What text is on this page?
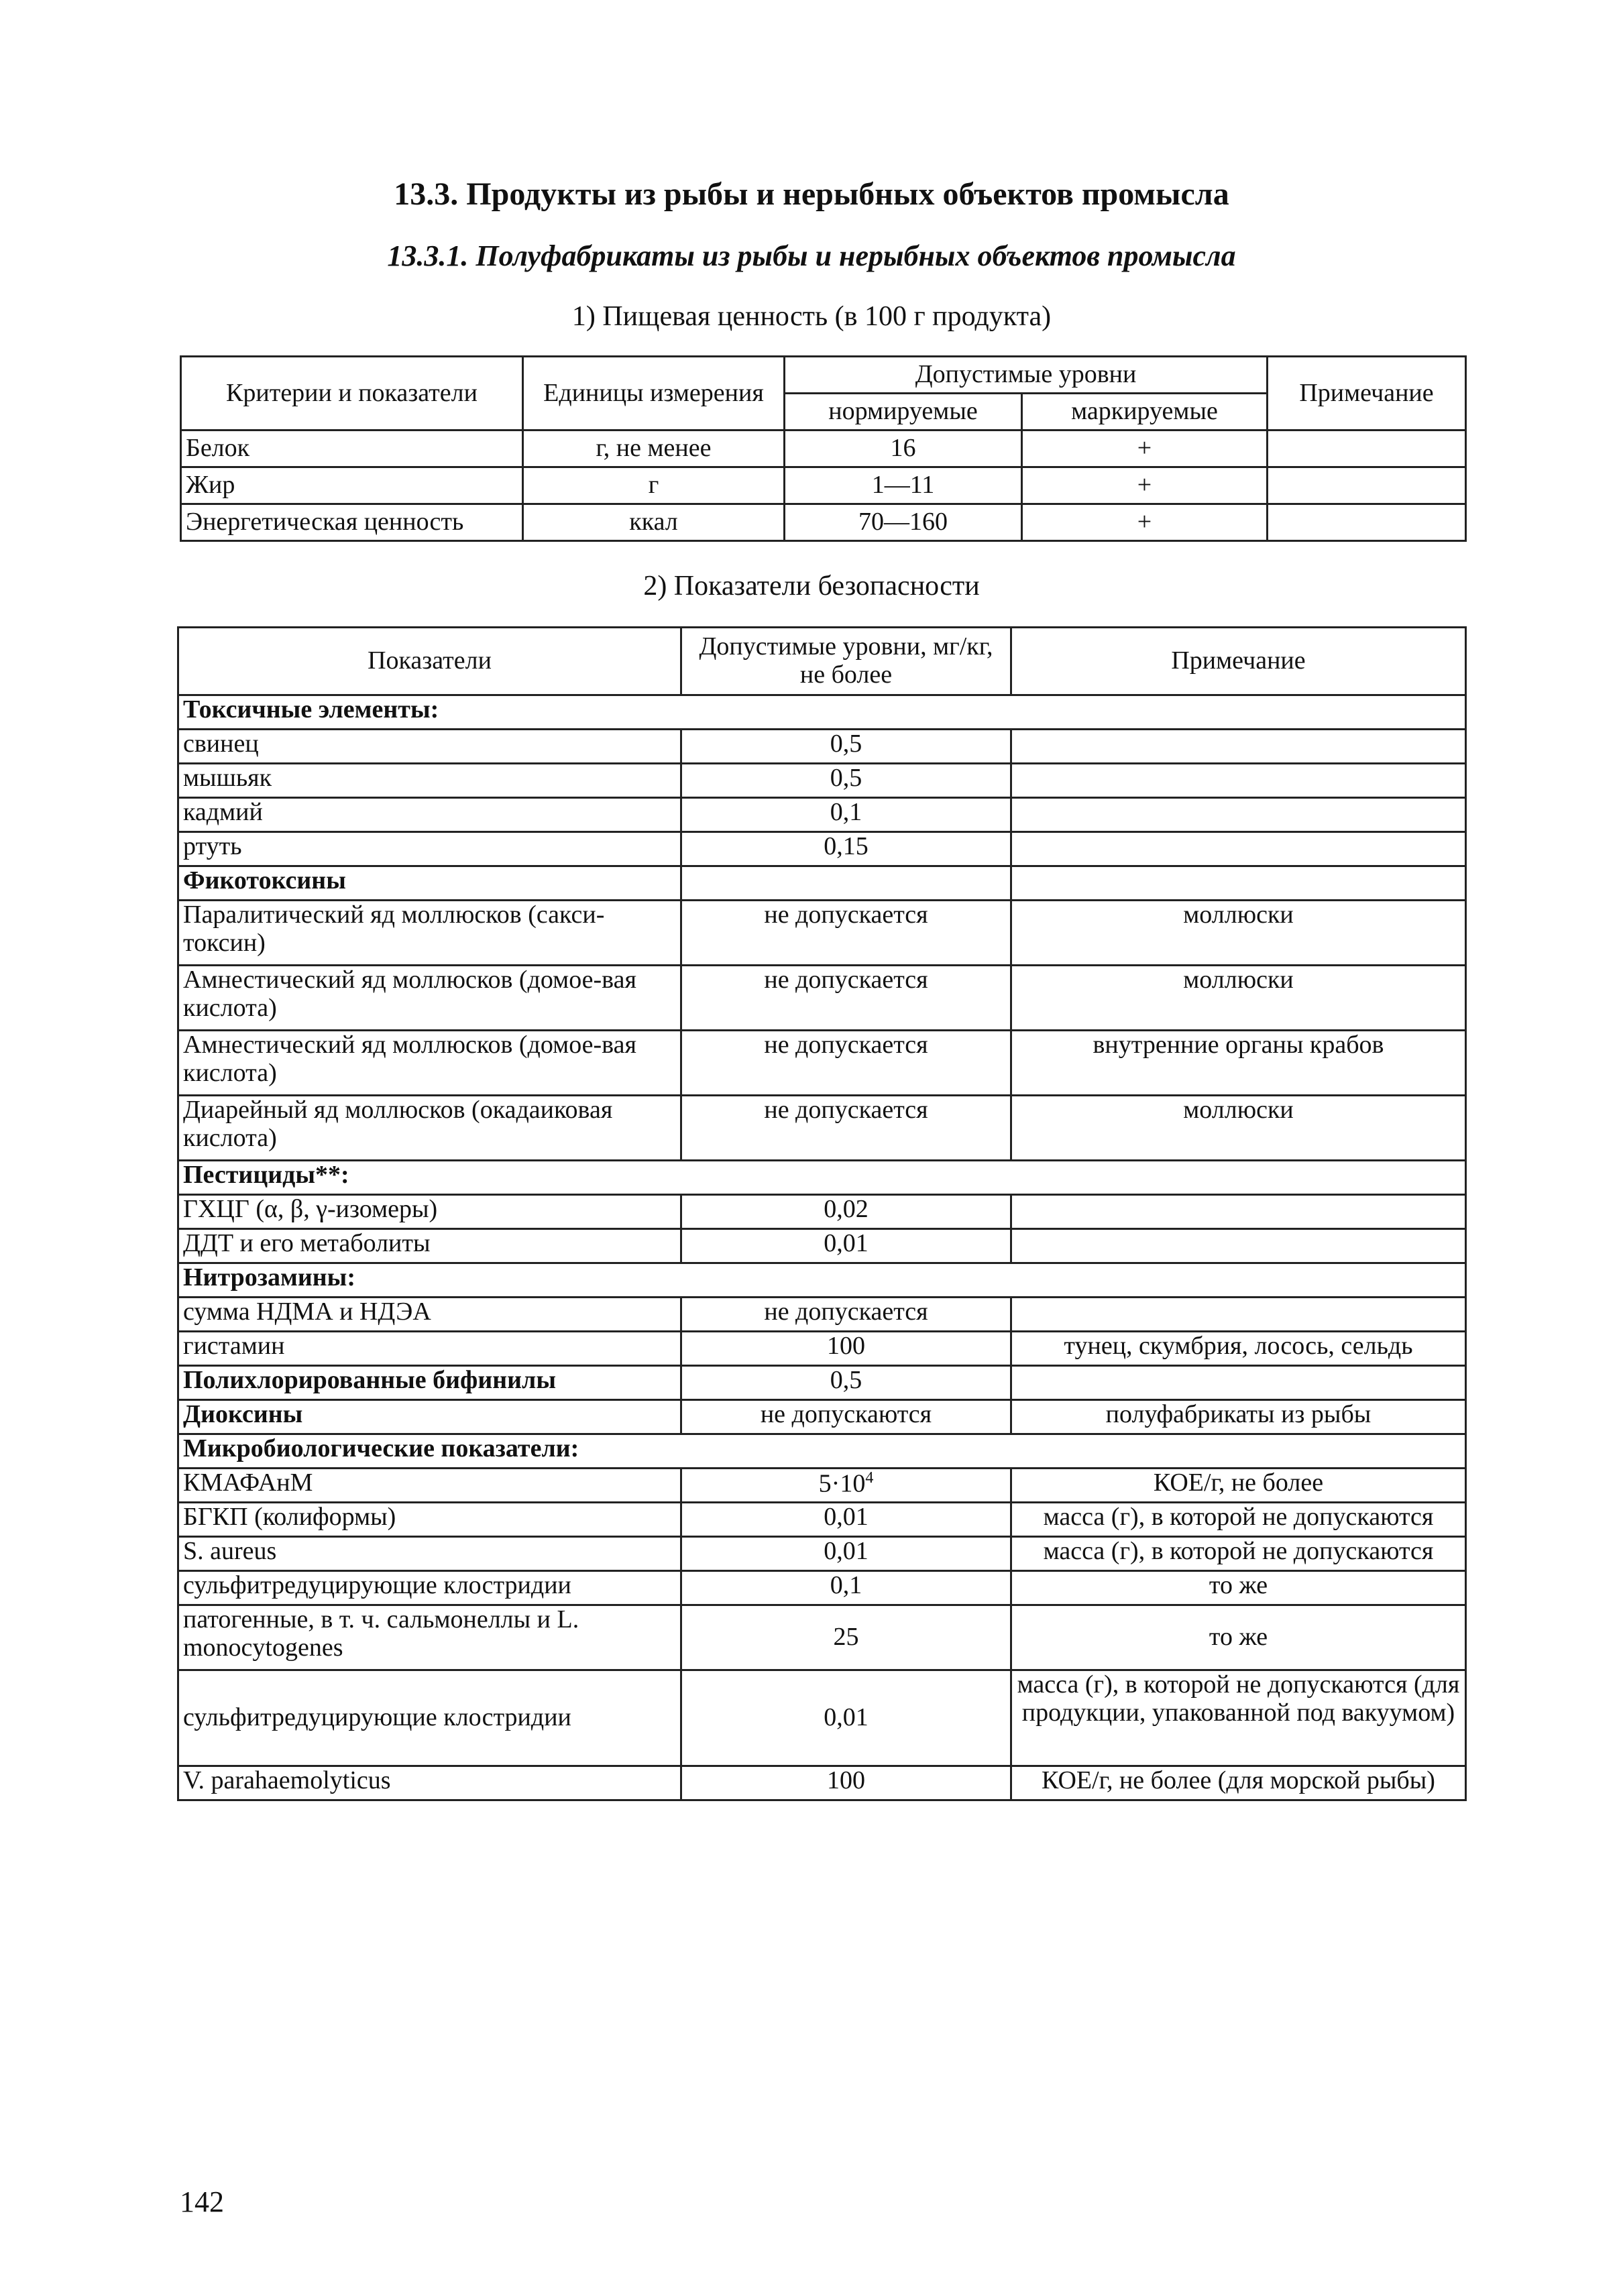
13.3. Продукты из рыбы и нерыбных объектов промысла
13.3.1. Полуфабрикаты из рыбы и нерыбных объектов промысла
1) Пищевая ценность (в 100 г продукта)
Критерии и показатели	Единицы измерения	Допустимые уровни		Примечание
		нормируемые	маркируемые	
Белок	г, не менее	16	+	
Жир	г	1—11	+	
Энергетическая ценность	ккал	70—160	+	
2) Показатели безопасности
Показатели	Допустимые уровни, мг/кг, не более	Примечание
Токсичные элементы:		
свинец	0,5	
мышьяк	0,5	
кадмий	0,1	
ртуть	0,15	
Фикотоксины		
Паралитический яд моллюсков (сакси-токсин)	не допускается	моллюски
Амнестический яд моллюсков (домое-вая кислота)	не допускается	моллюски
Амнестический яд моллюсков (домое-вая кислота)	не допускается	внутренние органы крабов
Диарейный яд моллюсков (окадаиковая кислота)	не допускается	моллюски
Пестициды**:		
ГХЦГ (α, β, γ-изомеры)	0,02	
ДДТ и его метаболиты	0,01	
Нитрозамины:		
сумма НДМА и НДЭА	не допускается	
гистамин	100	тунец, скумбрия, лосось, сельдь
Полихлорированные бифинилы	0,5	
Диоксины	не допускаются	полуфабрикаты из рыбы
Микробиологические показатели:		
КМАФАнМ	$5\cdot 10^4$	КОЕ/г, не более
БГКП (колиформы)	0,01	масса (г), в которой не допускаются
S. aureus	0,01	масса (г), в которой не допускаются
сульфитредуцирующие клостридии	0,1	то же
патогенные, в т. ч. сальмонеллы и L. monocytogenes	25	то же
сульфитредуцирующие клостридии	0,01	масса (г), в которой не допускаются (для продукции, упакованной под вакуумом)
V. parahaemolyticus	100	КОЕ/г, не более (для морской рыбы)
142
